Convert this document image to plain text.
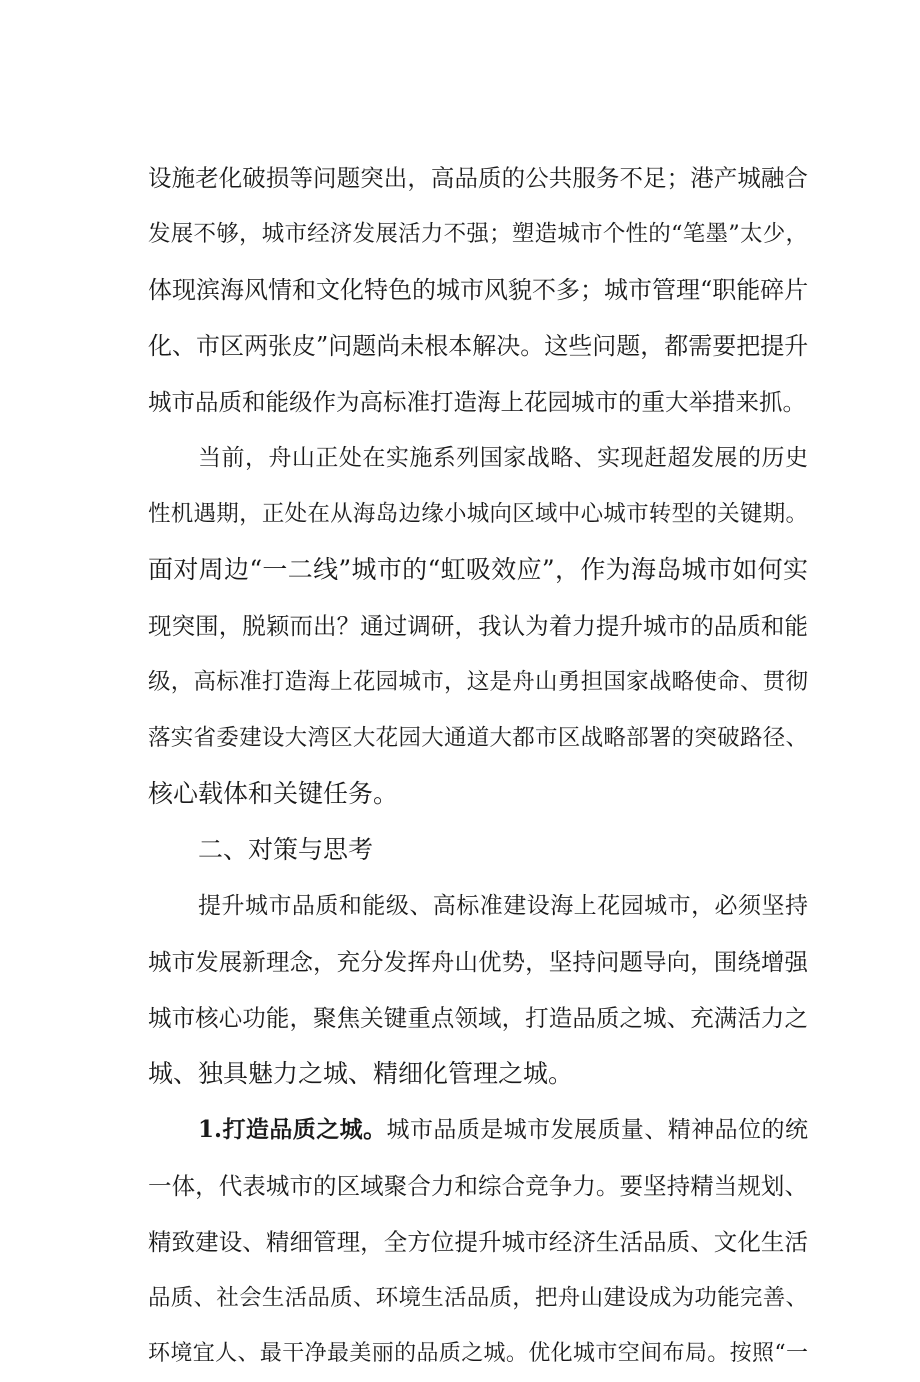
设施老化破损等问题突出，高品质的公共服务不足；港产城融合
发展不够，城市经济发展活力不强；塑造城市个性的“笔墨”太少，
体现滨海风情和文化特色的城市风貌不多；城市管理“职能碎片
化、市区两张皮”问题尚未根本解决。这些问题，都需要把提升
城市品质和能级作为高标准打造海上花园城市的重大举措来抓。
当前，舟山正处在实施系列国家战略、实现赶超发展的历史
性机遇期，正处在从海岛边缘小城向区域中心城市转型的关键期。
面对周边“一二线”城市的“虹吸效应”，作为海岛城市如何实
现突围，脱颖而出？通过调研，我认为着力提升城市的品质和能
级，高标准打造海上花园城市，这是舟山勇担国家战略使命、贯彻
落实省委建设大湾区大花园大通道大都市区战略部署的突破路径、
核心载体和关键任务。
二、对策与思考
提升城市品质和能级、高标准建设海上花园城市，必须坚持
城市发展新理念，充分发挥舟山优势，坚持问题导向，围绕增强
城市核心功能，聚焦关键重点领域，打造品质之城、充满活力之
城、独具魅力之城、精细化管理之城。
1.打造品质之城。城市品质是城市发展质量、精神品位的统
一体，代表城市的区域聚合力和综合竞争力。要坚持精当规划、
精致建设、精细管理，全方位提升城市经济生活品质、文化生活
品质、社会生活品质、环境生活品质，把舟山建设成为功能完善、
环境宜人、最干净最美丽的品质之城。优化城市空间布局。按照“一
